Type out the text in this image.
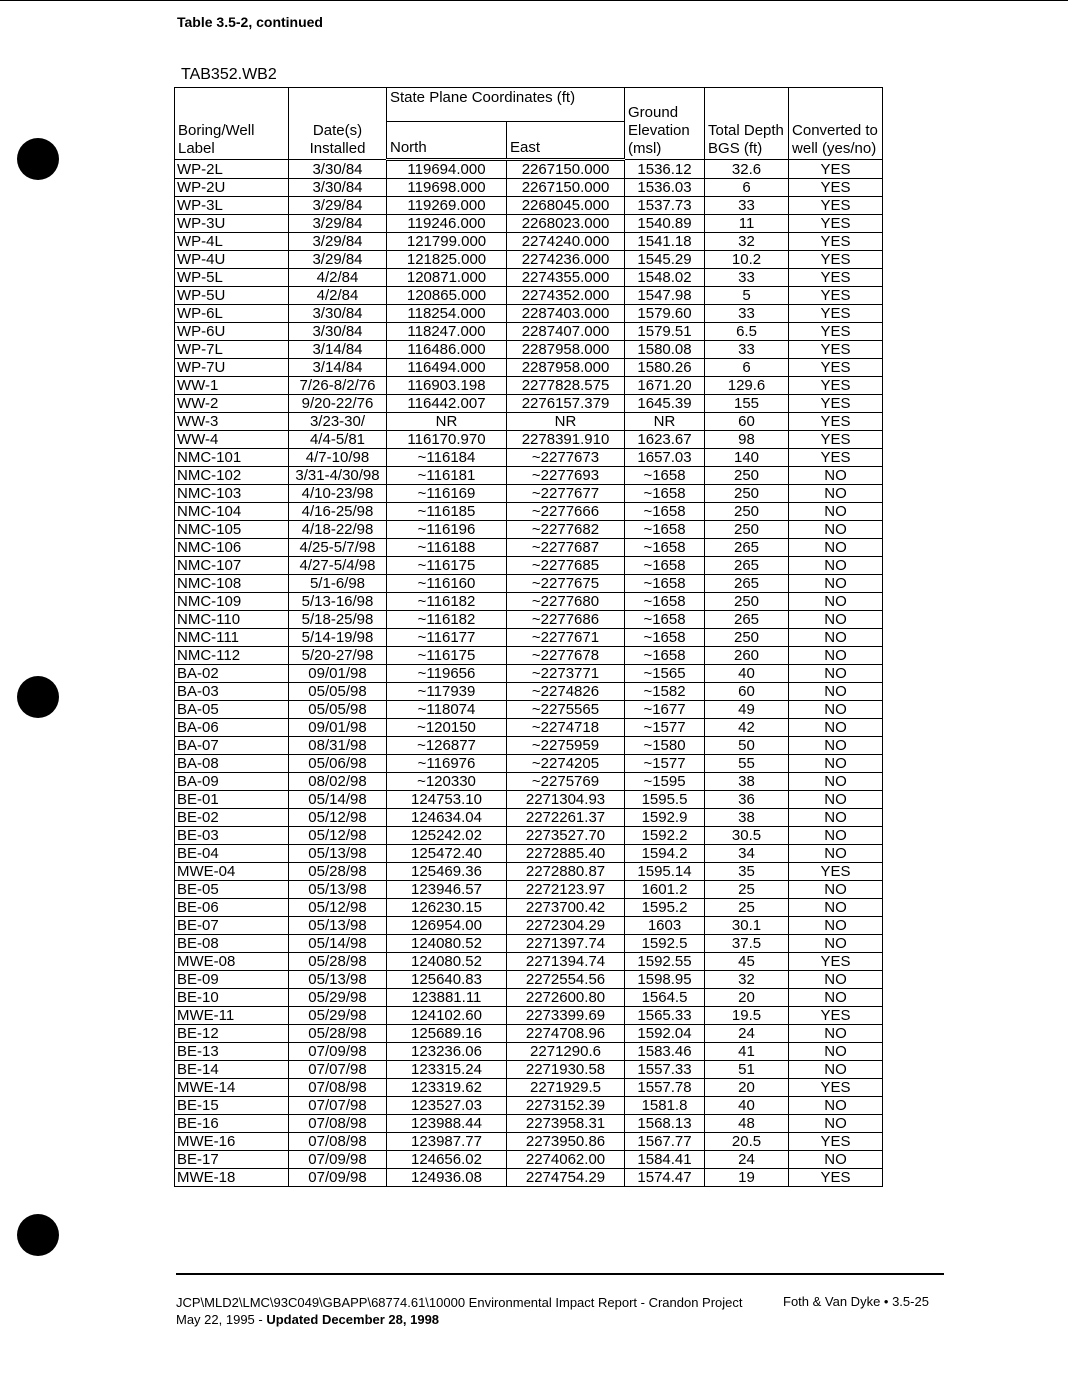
Table 3.5-2, continued
TAB352.WB2
Boring/Well Label	Date(s) Installed	State Plane Coordinates (ft)		Ground Elevation (msl)	Total Depth BGS (ft)	Converted to well (yes/no)
		North	East			
WP-2L	3/30/84	119694.000	2267150.000	1536.12	32.6	YES
WP-2U	3/30/84	119698.000	2267150.000	1536.03	6	YES
WP-3L	3/29/84	119269.000	2268045.000	1537.73	33	YES
WP-3U	3/29/84	119246.000	2268023.000	1540.89	11	YES
WP-4L	3/29/84	121799.000	2274240.000	1541.18	32	YES
WP-4U	3/29/84	121825.000	2274236.000	1545.29	10.2	YES
WP-5L	4/2/84	120871.000	2274355.000	1548.02	33	YES
WP-5U	4/2/84	120865.000	2274352.000	1547.98	5	YES
WP-6L	3/30/84	118254.000	2287403.000	1579.60	33	YES
WP-6U	3/30/84	118247.000	2287407.000	1579.51	6.5	YES
WP-7L	3/14/84	116486.000	2287958.000	1580.08	33	YES
WP-7U	3/14/84	116494.000	2287958.000	1580.26	6	YES
WW-1	7/26-8/2/76	116903.198	2277828.575	1671.20	129.6	YES
WW-2	9/20-22/76	116442.007	2276157.379	1645.39	155	YES
WW-3	3/23-30/	NR	NR	NR	60	YES
WW-4	4/4-5/81	116170.970	2278391.910	1623.67	98	YES
NMC-101	4/7-10/98	~116184	~2277673	1657.03	140	YES
NMC-102	3/31-4/30/98	~116181	~2277693	~1658	250	NO
NMC-103	4/10-23/98	~116169	~2277677	~1658	250	NO
NMC-104	4/16-25/98	~116185	~2277666	~1658	250	NO
NMC-105	4/18-22/98	~116196	~2277682	~1658	250	NO
NMC-106	4/25-5/7/98	~116188	~2277687	~1658	265	NO
NMC-107	4/27-5/4/98	~116175	~2277685	~1658	265	NO
NMC-108	5/1-6/98	~116160	~2277675	~1658	265	NO
NMC-109	5/13-16/98	~116182	~2277680	~1658	250	NO
NMC-110	5/18-25/98	~116182	~2277686	~1658	265	NO
NMC-111	5/14-19/98	~116177	~2277671	~1658	250	NO
NMC-112	5/20-27/98	~116175	~2277678	~1658	260	NO
BA-02	09/01/98	~119656	~2273771	~1565	40	NO
BA-03	05/05/98	~117939	~2274826	~1582	60	NO
BA-05	05/05/98	~118074	~2275565	~1677	49	NO
BA-06	09/01/98	~120150	~2274718	~1577	42	NO
BA-07	08/31/98	~126877	~2275959	~1580	50	NO
BA-08	05/06/98	~116976	~2274205	~1577	55	NO
BA-09	08/02/98	~120330	~2275769	~1595	38	NO
BE-01	05/14/98	124753.10	2271304.93	1595.5	36	NO
BE-02	05/12/98	124634.04	2272261.37	1592.9	38	NO
BE-03	05/12/98	125242.02	2273527.70	1592.2	30.5	NO
BE-04	05/13/98	125472.40	2272885.40	1594.2	34	NO
MWE-04	05/28/98	125469.36	2272880.87	1595.14	35	YES
BE-05	05/13/98	123946.57	2272123.97	1601.2	25	NO
BE-06	05/12/98	126230.15	2273700.42	1595.2	25	NO
BE-07	05/13/98	126954.00	2272304.29	1603	30.1	NO
BE-08	05/14/98	124080.52	2271397.74	1592.5	37.5	NO
MWE-08	05/28/98	124080.52	2271394.74	1592.55	45	YES
BE-09	05/13/98	125640.83	2272554.56	1598.95	32	NO
BE-10	05/29/98	123881.11	2272600.80	1564.5	20	NO
MWE-11	05/29/98	124102.60	2273399.69	1565.33	19.5	YES
BE-12	05/28/98	125689.16	2274708.96	1592.04	24	NO
BE-13	07/09/98	123236.06	2271290.6	1583.46	41	NO
BE-14	07/07/98	123315.24	2271930.58	1557.33	51	NO
MWE-14	07/08/98	123319.62	2271929.5	1557.78	20	YES
BE-15	07/07/98	123527.03	2273152.39	1581.8	40	NO
BE-16	07/08/98	123988.44	2273958.31	1568.13	48	NO
MWE-16	07/08/98	123987.77	2273950.86	1567.77	20.5	YES
BE-17	07/09/98	124656.02	2274062.00	1584.41	24	NO
MWE-18	07/09/98	124936.08	2274754.29	1574.47	19	YES
JCP\MLD2\LMC\93C049\GBAPP\68774.61\10000 Environmental Impact Report - Crandon Project
May 22, 1995 - Updated December 28, 1998
Foth & Van Dyke • 3.5-25
